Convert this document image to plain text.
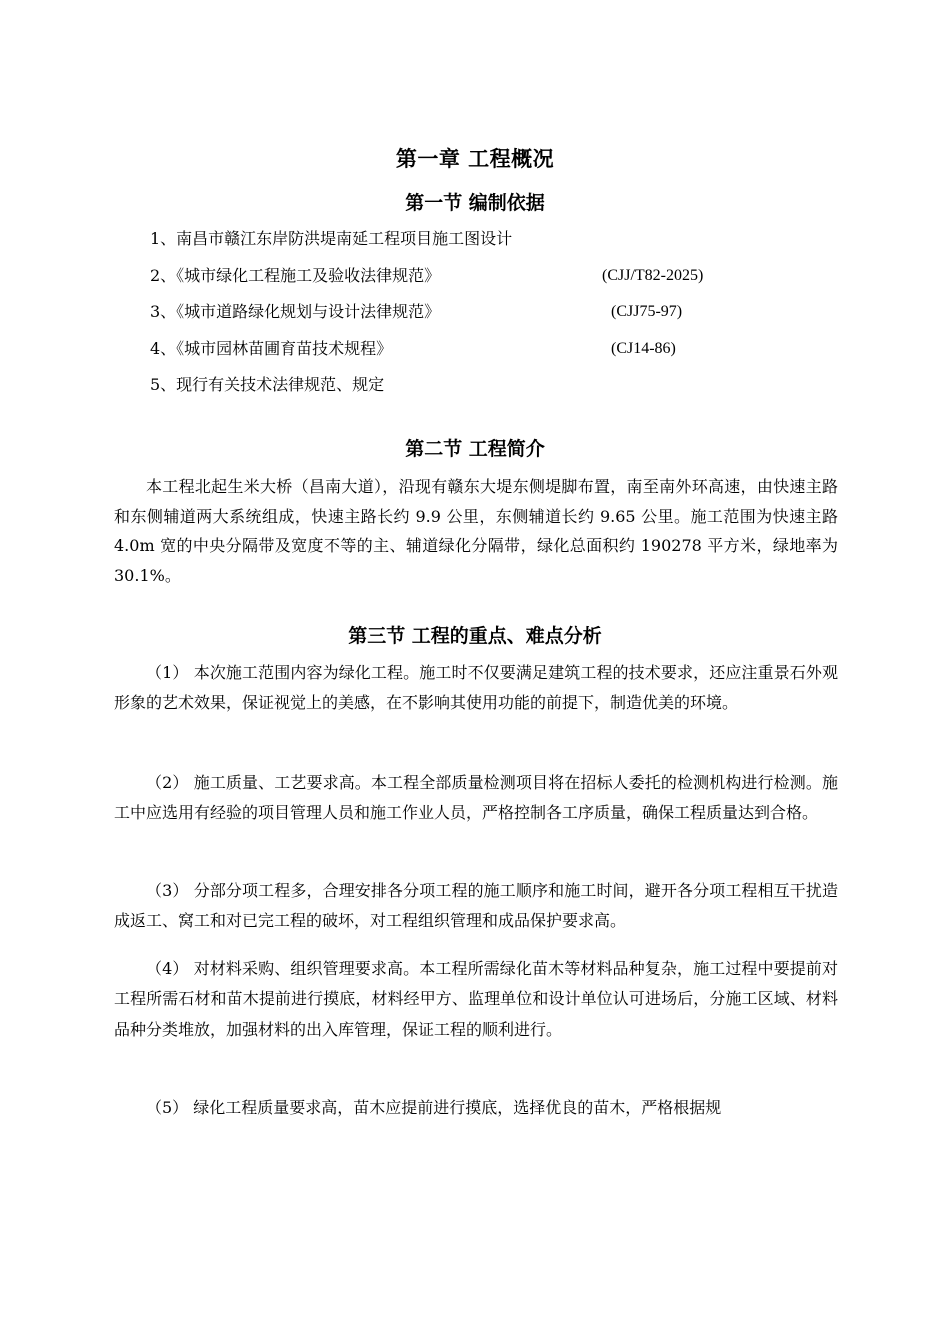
第一章 工程概况
第一节 编制依据
1、南昌市赣江东岸防洪堤南延工程项目施工图设计
2、《城市绿化工程施工及验收法律规范》	(CJJ/T82-2025)
3、《城市道路绿化规划与设计法律规范》	(CJJ75-97)
4、《城市园林苗圃育苗技术规程》	(CJ14-86)
5、现行有关技术法律规范、规定
第二节 工程简介

本工程北起生米大桥（昌南大道），沿现有赣东大堤东侧堤脚布置，南至南外环高速，由快速主路和东侧辅道两大系统组成，快速主路长约 9.9 公里，东侧辅道长约 9.65 公里。施工范围为快速主路 4.0m 宽的中央分隔带及宽度不等的主、辅道绿化分隔带，绿化总面积约 190278 平方米，绿地率为 30.1%。

第三节 工程的重点、难点分析

（1） 本次施工范围内容为绿化工程。施工时不仅要满足建筑工程的技术要求，还应注重景石外观形象的艺术效果，保证视觉上的美感，在不影响其使用功能的前提下，制造优美的环境。

（2） 施工质量、工艺要求高。本工程全部质量检测项目将在招标人委托的检测机构进行检测。施工中应选用有经验的项目管理人员和施工作业人员，严格控制各工序质量，确保工程质量达到合格。

（3） 分部分项工程多，合理安排各分项工程的施工顺序和施工时间，避开各分项工程相互干扰造成返工、窝工和对已完工程的破坏，对工程组织管理和成品保护要求高。

（4） 对材料采购、组织管理要求高。本工程所需绿化苗木等材料品种复杂，施工过程中要提前对工程所需石材和苗木提前进行摸底，材料经甲方、监理单位和设计单位认可进场后，分施工区域、材料品种分类堆放，加强材料的出入库管理，保证工程的顺利进行。

（5） 绿化工程质量要求高，苗木应提前进行摸底，选择优良的苗木，严格根据规
